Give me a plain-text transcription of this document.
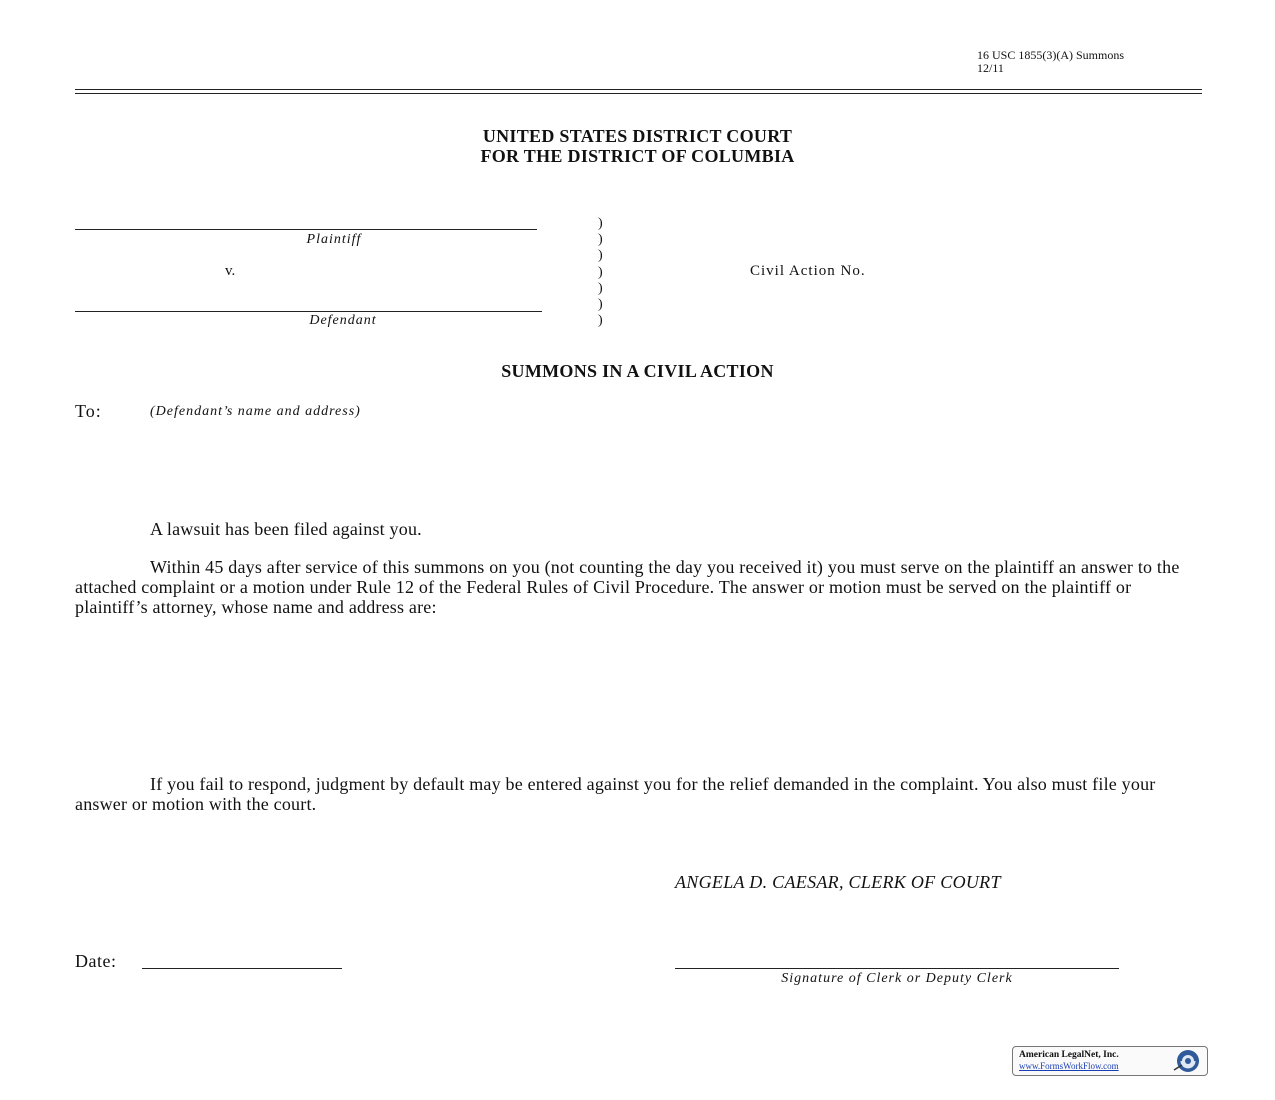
16 USC 1855(3)(A) Summons
12/11
UNITED STATES DISTRICT COURT
FOR THE DISTRICT OF COLUMBIA
Plaintiff
v.
Defendant
)
)
)
)
)
)
)
Civil Action No.
SUMMONS IN A CIVIL ACTION
To:	(Defendant’s name and address)
A lawsuit has been filed against you.
Within 45 days after service of this summons on you (not counting the day you received it) you must serve on the plaintiff an answer to the attached complaint or a motion under Rule 12 of the Federal Rules of Civil Procedure. The answer or motion must be served on the plaintiff or plaintiff’s attorney, whose name and address are:
If you fail to respond, judgment by default may be entered against you for the relief demanded in the complaint. You also must file your answer or motion with the court.
ANGELA D. CAESAR, CLERK OF COURT
Date:
Signature of Clerk or Deputy Clerk
American LegalNet, Inc.
www.FormsWorkFlow.com
